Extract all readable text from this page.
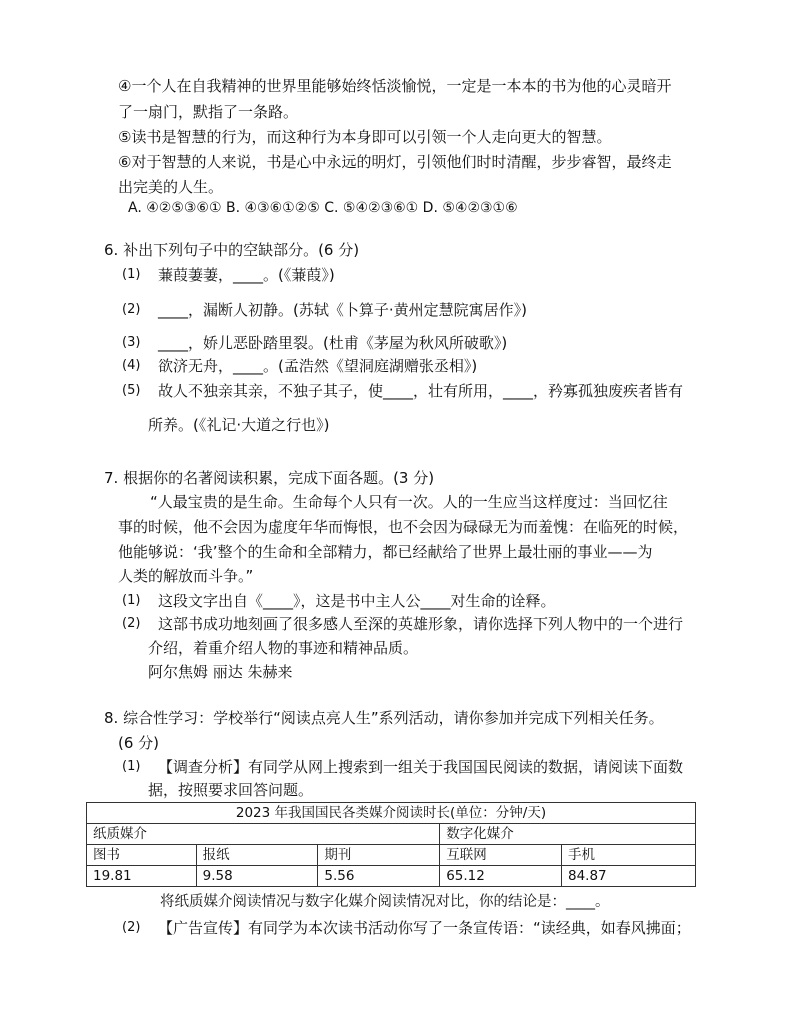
④一个人在自我精神的世界里能够始终恬淡愉悦，一定是一本本的书为他的心灵暗开
了一扇门，默指了一条路。
⑤读书是智慧的行为，而这种行为本身即可以引领一个人走向更大的智慧。
⑥对于智慧的人来说，书是心中永远的明灯，引领他们时时清醒，步步睿智，最终走
出完美的人生。
A. ④②⑤③⑥① B. ④③⑥①②⑤ C. ⑤④②③⑥① D. ⑤④②③①⑥
6. 补出下列句子中的空缺部分。(6 分)
(1) 蒹葭萋萋，____。(《蒹葭》)
(2) ____，漏断人初静。(苏轼《卜算子·黄州定慧院寓居作》)
(3) ____，娇儿恶卧踏里裂。(杜甫《茅屋为秋风所破歌》)
(4) 欲济无舟，____。(孟浩然《望洞庭湖赠张丞相》)
(5) 故人不独亲其亲，不独子其子，使____，壮有所用，____，矜寡孤独废疾者皆有
所养。(《礼记·大道之行也》)
7. 根据你的名著阅读积累，完成下面各题。(3 分)
“人最宝贵的是生命。生命每个人只有一次。人的一生应当这样度过：当回忆往
事的时候，他不会因为虚度年华而悔恨，也不会因为碌碌无为而羞愧：在临死的时候，
他能够说：‘我’整个的生命和全部精力，都已经献给了世界上最壮丽的事业——为
人类的解放而斗争。”
(1) 这段文字出自《____》，这是书中主人公____对生命的诠释。
(2) 这部书成功地刻画了很多感人至深的英雄形象，请你选择下列人物中的一个进行
介绍，着重介绍人物的事迹和精神品质。
阿尔焦姆 丽达 朱赫来
8. 综合性学习：学校举行“阅读点亮人生”系列活动，请你参加并完成下列相关任务。
(6 分)
(1) 【调查分析】有同学从网上搜索到一组关于我国国民阅读的数据，请阅读下面数
据，按照要求回答问题。
2023 年我国国民各类媒介阅读时长(单位：分钟/天)				
纸质媒介			数字化媒介	
图书	报纸	期刊	互联网	手机
19.81	9.58	5.56	65.12	84.87
将纸质媒介阅读情况与数字化媒介阅读情况对比，你的结论是：____。
(2) 【广告宣传】有同学为本次读书活动你写了一条宣传语：“读经典，如春风拂面；
